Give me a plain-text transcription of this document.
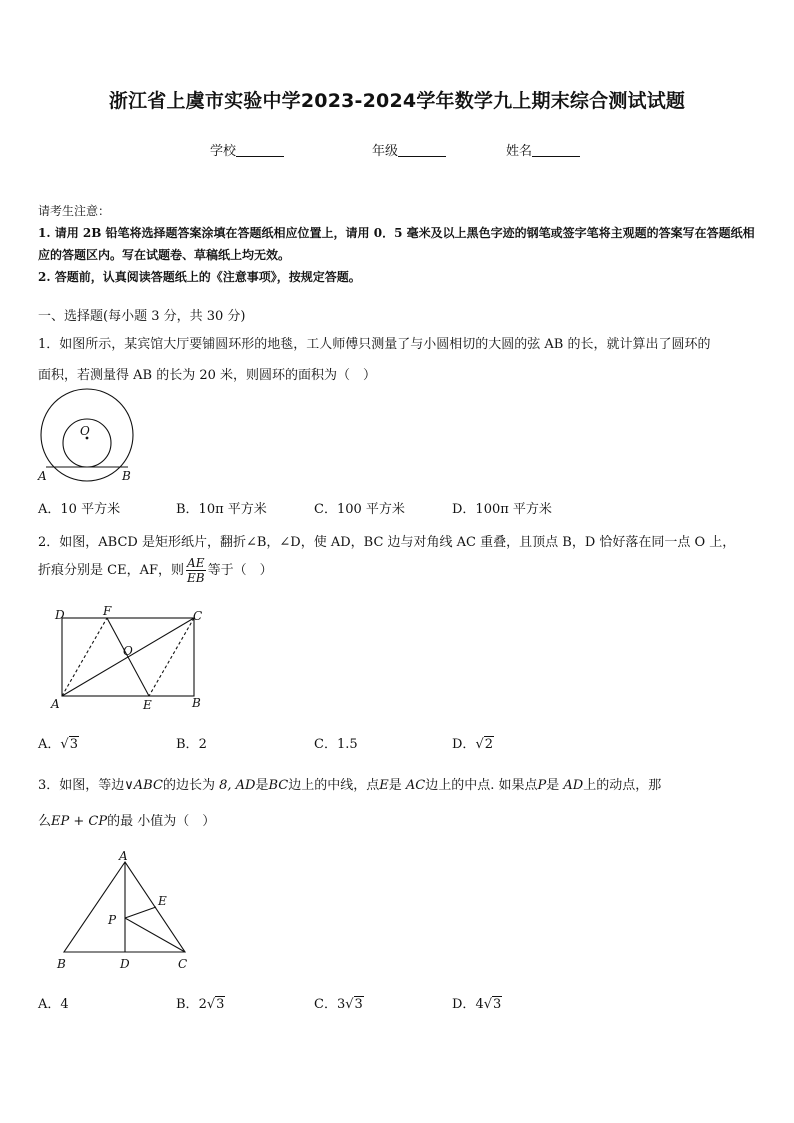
浙江省上虞市实验中学2023-2024学年数学九上期末综合测试试题
学校	年级	姓名
请考生注意：
1. 请用 2B 铅笔将选择题答案涂填在答题纸相应位置上，请用 0．5 毫米及以上黑色字迹的钢笔或签字笔将主观题的答案写在答题纸相应的答题区内。写在试题卷、草稿纸上均无效。
2. 答题前，认真阅读答题纸上的《注意事项》，按规定答题。
一、选择题(每小题 3 分，共 30 分)
1．如图所示，某宾馆大厅要铺圆环形的地毯，工人师傅只测量了与小圆相切的大圆的弦 AB 的长，就计算出了圆环的
面积，若测量得 AB 的长为 20 米，则圆环的面积为（　）
O
A	B
A．10 平方米	B．10π 平方米	C．100 平方米	D．100π 平方米
2．如图，ABCD 是矩形纸片，翻折∠B，∠D，使 AD，BC 边与对角线 AC 重叠，且顶点 B，D 恰好落在同一点 O 上，
折痕分别是 CE，AF，则 $\frac{AE}{EB}$ 等于（　）
D	F	C
O
A	E	B
A．√3	B．2	C．1.5	D．√2
3．如图，等边∨ABC的边长为 8, AD是BC边上的中线，点E是 AC边上的中点. 如果点P是 AD上的动点，那
么EP + CP的最 小值为（　）
A
E
P
B	D	C
A．4	B．2√3	C．3√3	D．4√3
